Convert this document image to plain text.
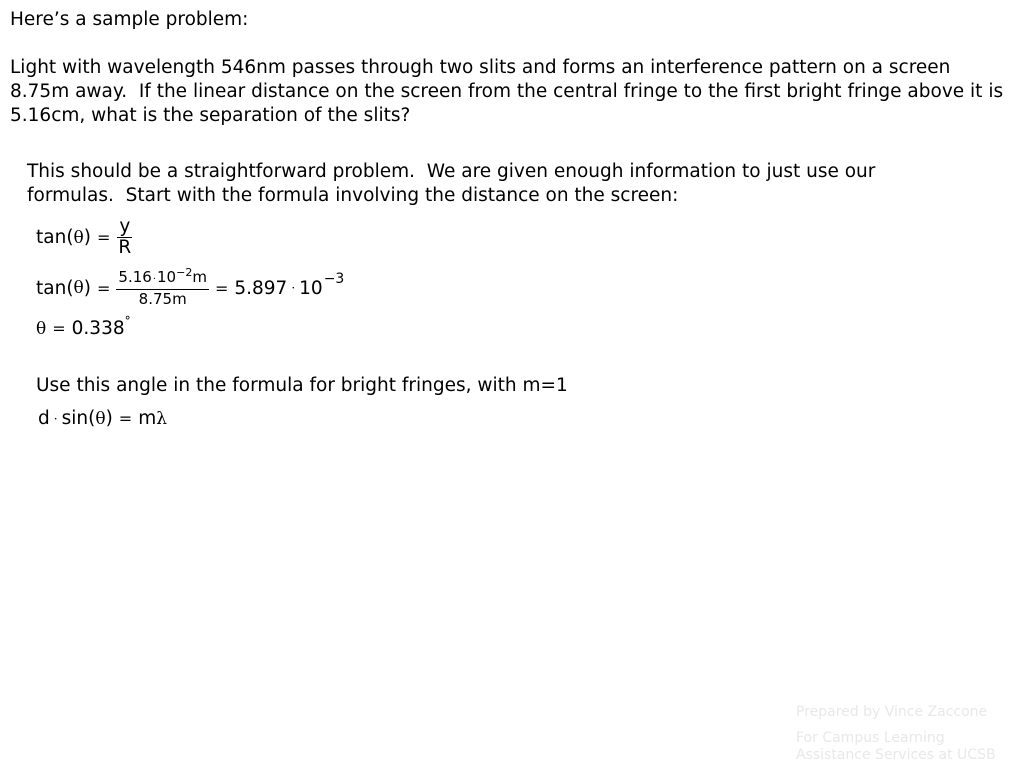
Here’s a sample problem:
Light with wavelength 546nm passes through two slits and forms an interference pattern on a screen 8.75m away.  If the linear distance on the screen from the central fringe to the first bright fringe above it is 5.16cm, what is the separation of the slits?
This should be a straightforward problem.  We are given enough information to just use our formulas.  Start with the formula involving the distance on the screen:
tan( θ ) = $\frac{y}{R}$
tan( θ ) = $\frac{5.16\cdot 10^{-2}m}{8.75m} = 5.897 \cdot 10 -3$
θ = 0.338 °
Use this angle in the formula for bright fringes, with m=1
d · sin( θ ) = m λ
Prepared by Vince Zaccone
For Campus Learning Assistance Services at UCSB
